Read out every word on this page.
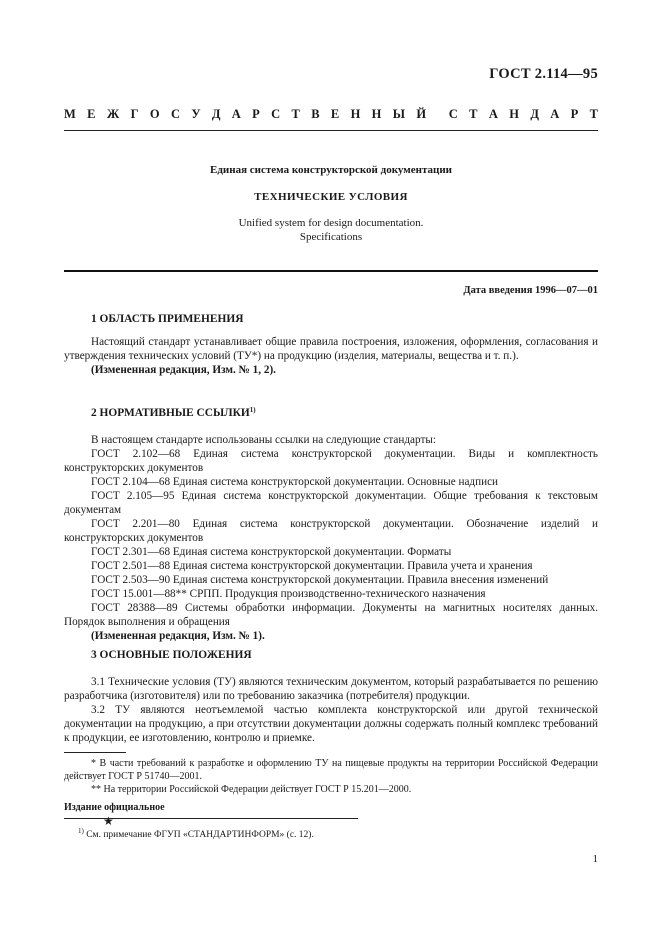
ГОСТ 2.114—95
М Е Ж Г О С У Д А Р С Т В Е Н Н Ы Й С Т А Н Д А Р Т
Единая система конструкторской документации
ТЕХНИЧЕСКИЕ УСЛОВИЯ
Unified system for design documentation.
Specifications
Дата введения 1996—07—01

1 ОБЛАСТЬ ПРИМЕНЕНИЯ

Настоящий стандарт устанавливает общие правила построения, изложения, оформления, согласования и утверждения технических условий (ТУ*) на продукцию (изделия, материалы, вещества и т. п.).

(Измененная редакция, Изм. № 1, 2).

2 НОРМАТИВНЫЕ ССЫЛКИ$^{1)}$

В настоящем стандарте использованы ссылки на следующие стандарты:

ГОСТ 2.102—68 Единая система конструкторской документации. Виды и комплектность конструкторских документов

ГОСТ 2.104—68 Единая система конструкторской документации. Основные надписи

ГОСТ 2.105—95 Единая система конструкторской документации. Общие требования к текстовым документам

ГОСТ 2.201—80 Единая система конструкторской документации. Обозначение изделий и конструкторских документов

ГОСТ 2.301—68 Единая система конструкторской документации. Форматы

ГОСТ 2.501—88 Единая система конструкторской документации. Правила учета и хранения

ГОСТ 2.503—90 Единая система конструкторской документации. Правила внесения изменений

ГОСТ 15.001—88** СРПП. Продукция производственно-технического назначения

ГОСТ 28388—89 Системы обработки информации. Документы на магнитных носителях данных. Порядок выполнения и обращения

(Измененная редакция, Изм. № 1).

3 ОСНОВНЫЕ ПОЛОЖЕНИЯ

3.1 Технические условия (ТУ) являются техническим документом, который разрабатывается по решению разработчика (изготовителя) или по требованию заказчика (потребителя) продукции.

3.2 ТУ являются неотъемлемой частью комплекта конструкторской или другой технической документации на продукцию, а при отсутствии документации должны содержать полный комплекс требований к продукции, ее изготовлению, контролю и приемке.

* В части требований к разработке и оформлению ТУ на пищевые продукты на территории Российской Федерации действует ГОСТ Р 51740—2001.

** На территории Российской Федерации действует ГОСТ Р 15.201—2000.

Издание официальное
★
$^{1)}$ См. примечание ФГУП «СТАНДАРТИНФОРМ» (с. 12).
1
